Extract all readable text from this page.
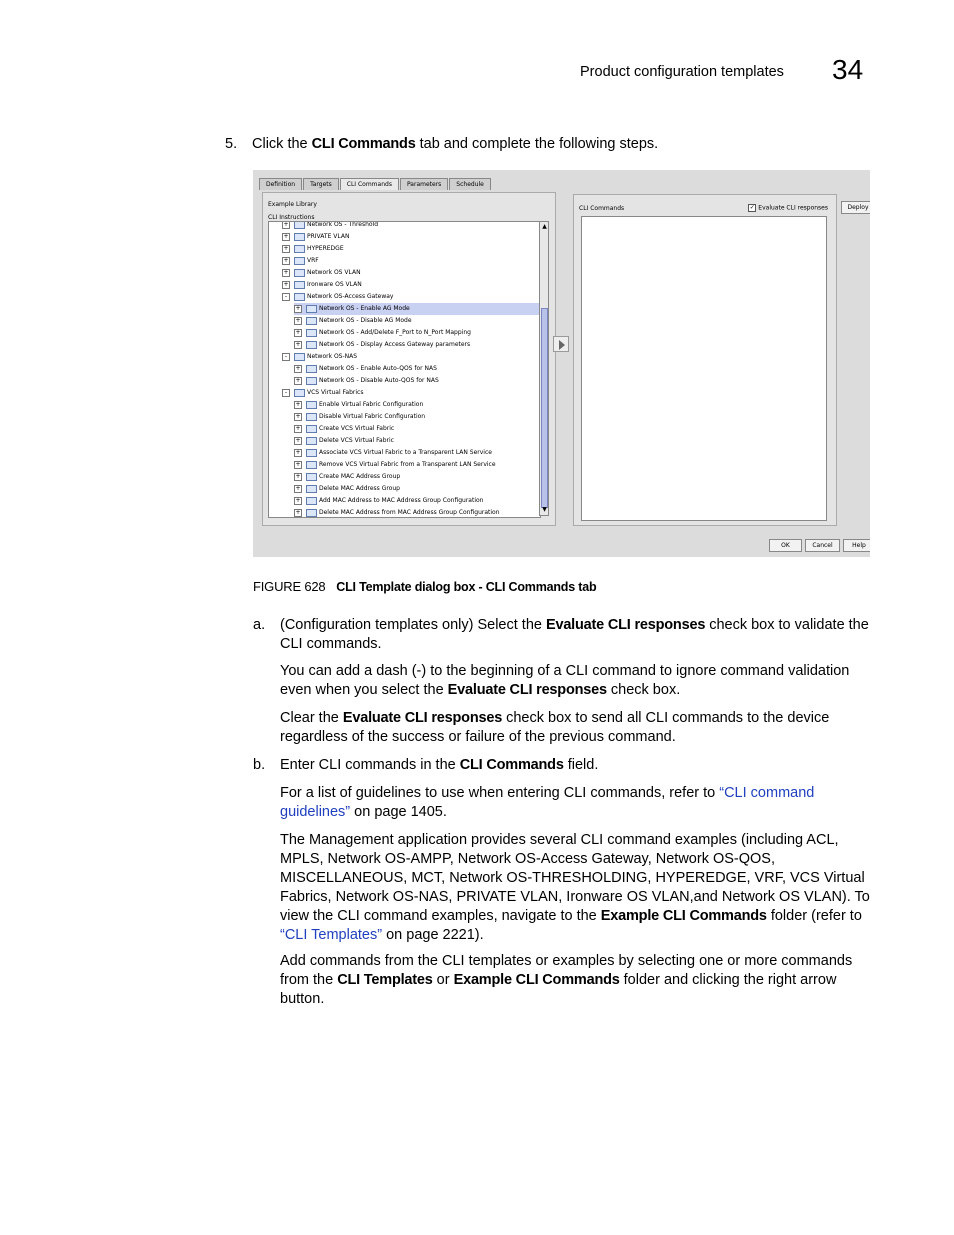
Product configuration templates 34
5. Click the CLI Commands tab and complete the following steps.
Definition	Targets	CLI Commands	Parameters	Schedule
Example Library
CLI Instructions
+	Network OS - Threshold
+	PRIVATE VLAN
+	HYPEREDGE
+	VRF
+	Network OS VLAN
+	Ironware OS VLAN
-	Network OS-Access Gateway
+	Network OS - Enable AG Mode
+	Network OS - Disable AG Mode
+	Network OS - Add/Delete F_Port to N_Port Mapping
+	Network OS - Display Access Gateway parameters
-	Network OS-NAS
+	Network OS - Enable Auto-QOS for NAS
+	Network OS - Disable Auto-QOS for NAS
-	VCS Virtual Fabrics
+	Enable Virtual Fabric Configuration
+	Disable Virtual Fabric Configuration
+	Create VCS Virtual Fabric
+	Delete VCS Virtual Fabric
+	Associate VCS Virtual Fabric to a Transparent LAN Service
+	Remove VCS Virtual Fabric from a Transparent LAN Service
+	Create MAC Address Group
+	Delete MAC Address Group
+	Add MAC Address to MAC Address Group Configuration
+	Delete MAC Address from MAC Address Group Configuration
▲
▼
CLI Commands	✓ Evaluate CLI responses	Deploy
OK	Cancel	Help
FIGURE 628 CLI Template dialog box - CLI Commands tab
a. (Configuration templates only) Select the Evaluate CLI responses check box to validate the
CLI commands.
You can add a dash (-) to the beginning of a CLI command to ignore command validation
even when you select the Evaluate CLI responses check box.
Clear the Evaluate CLI responses check box to send all CLI commands to the device
regardless of the success or failure of the previous command.
b. Enter CLI commands in the CLI Commands field.
For a list of guidelines to use when entering CLI commands, refer to “CLI command
guidelines” on page 1405.
The Management application provides several CLI command examples (including ACL,
MPLS, Network OS-AMPP, Network OS-Access Gateway, Network OS-QOS,
MISCELLANEOUS, MCT, Network OS-THRESHOLDING, HYPEREDGE, VRF, VCS Virtual
Fabrics, Network OS-NAS, PRIVATE VLAN, Ironware OS VLAN,and Network OS VLAN). To
view the CLI command examples, navigate to the Example CLI Commands folder (refer to
“CLI Templates” on page 2221).
Add commands from the CLI templates or examples by selecting one or more commands
from the CLI Templates or Example CLI Commands folder and clicking the right arrow
button.
